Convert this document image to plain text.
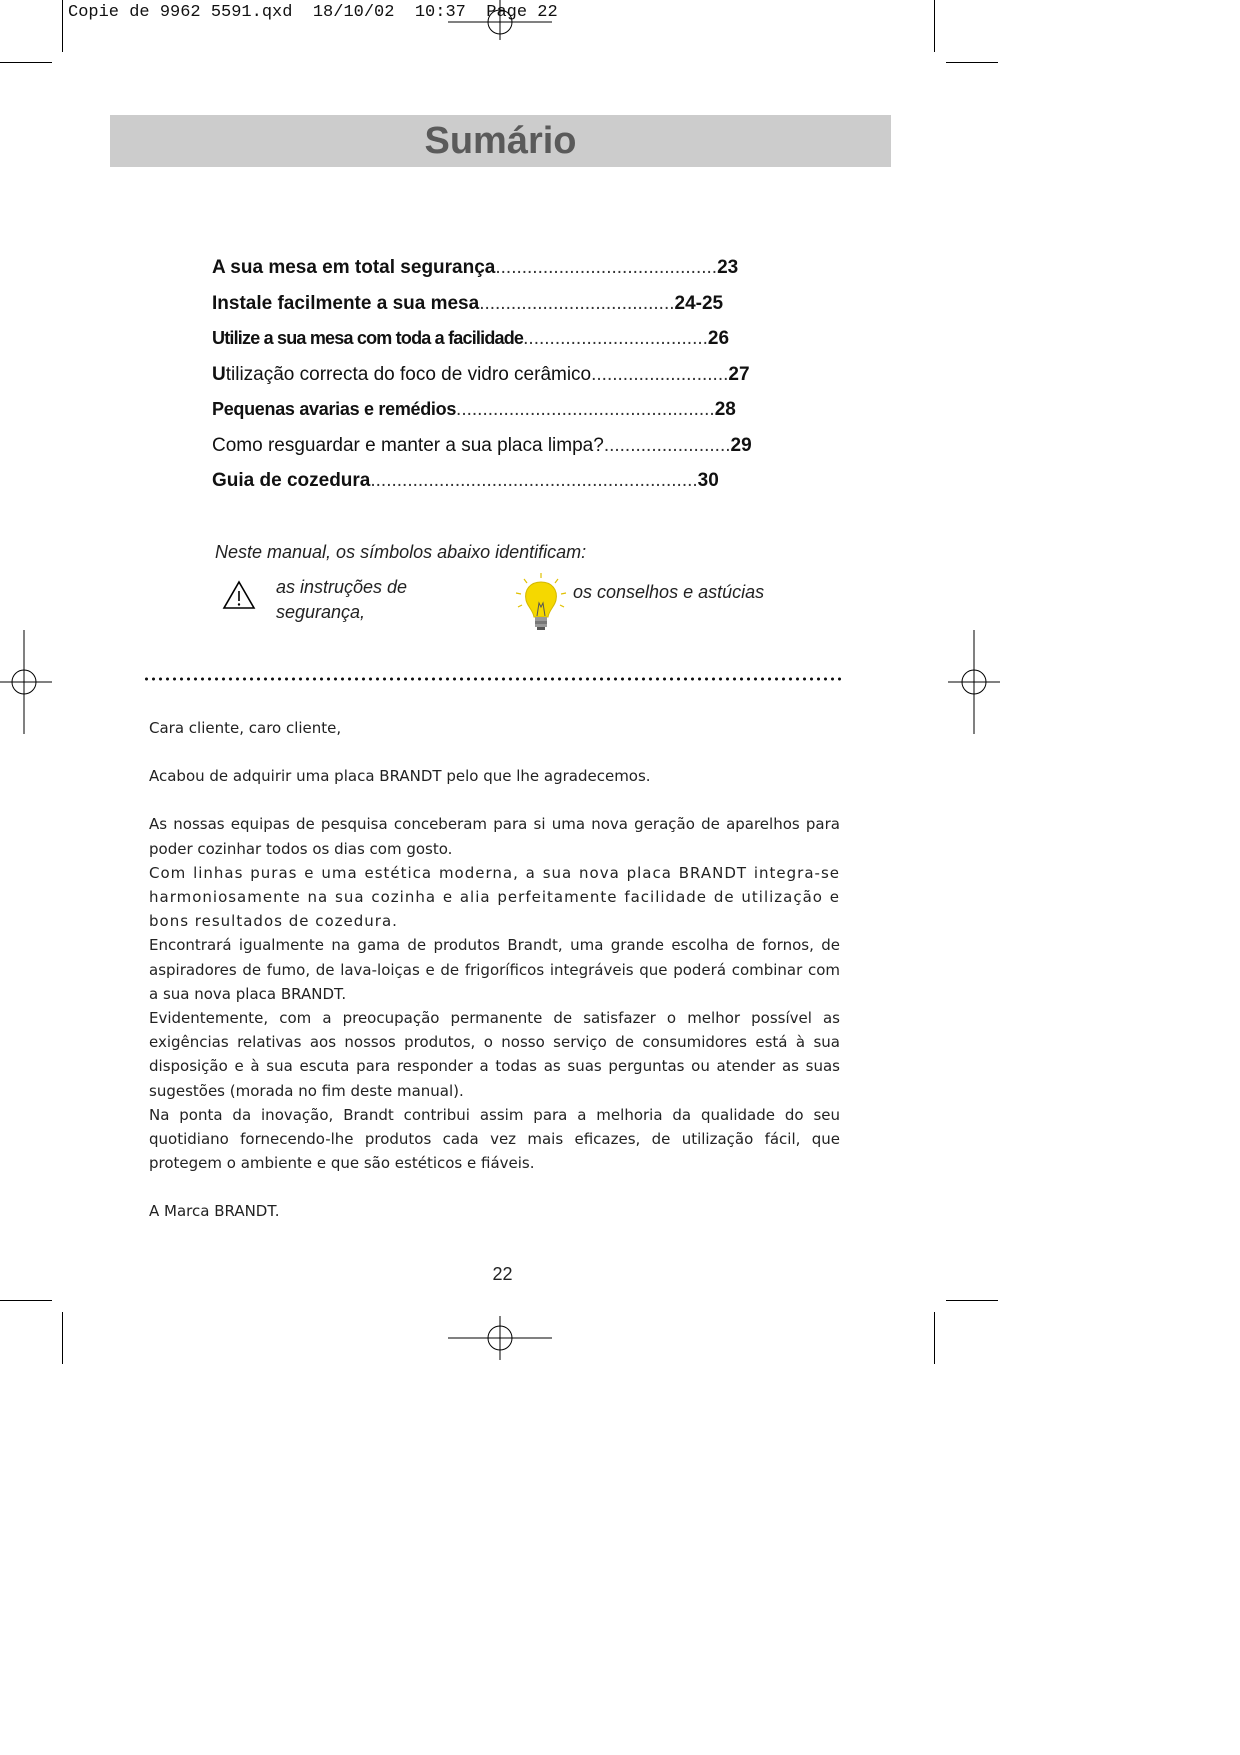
Copie de 9962 5591.qxd  18/10/02  10:37  Page 22
Sumário
A sua mesa em total segurança..........................................23
Instale facilmente a sua mesa.....................................24-25
Utilize a sua mesa com toda a facilidade...................................26
Utilização correcta do foco de vidro cerâmico..........................27
Pequenas avarias e remédios.................................................28
Como resguardar e manter a sua placa limpa?........................29
Guia de cozedura..............................................................30
Neste manual, os símbolos abaixo identificam:
as instruções de segurança,
os conselhos e astúcias

Cara cliente, caro cliente,

Acabou de adquirir uma placa BRANDT pelo que lhe agradecemos.

As nossas equipas de pesquisa conceberam para si uma nova geração de aparelhos para poder cozinhar todos os dias com gosto.

Com linhas puras e uma estética moderna, a sua nova placa BRANDT integra-se harmoniosamente na sua cozinha e alia perfeitamente facilidade de utilização e bons resultados de cozedura.

Encontrará igualmente na gama de produtos Brandt, uma grande escolha de fornos, de aspiradores de fumo, de lava-loiças e de frigoríficos integráveis que poderá combinar com a sua nova placa BRANDT.

Evidentemente, com a preocupação permanente de satisfazer o melhor possível as exigências relativas aos nossos produtos, o nosso serviço de consumidores está à sua disposição e à sua escuta para responder a todas as suas perguntas ou atender as suas sugestões (morada no fim deste manual).

Na ponta da inovação, Brandt contribui assim para a melhoria da qualidade do seu quotidiano fornecendo-lhe produtos cada vez mais eficazes, de utilização fácil, que protegem o ambiente e que são estéticos e fiáveis.

A Marca BRANDT.

22
